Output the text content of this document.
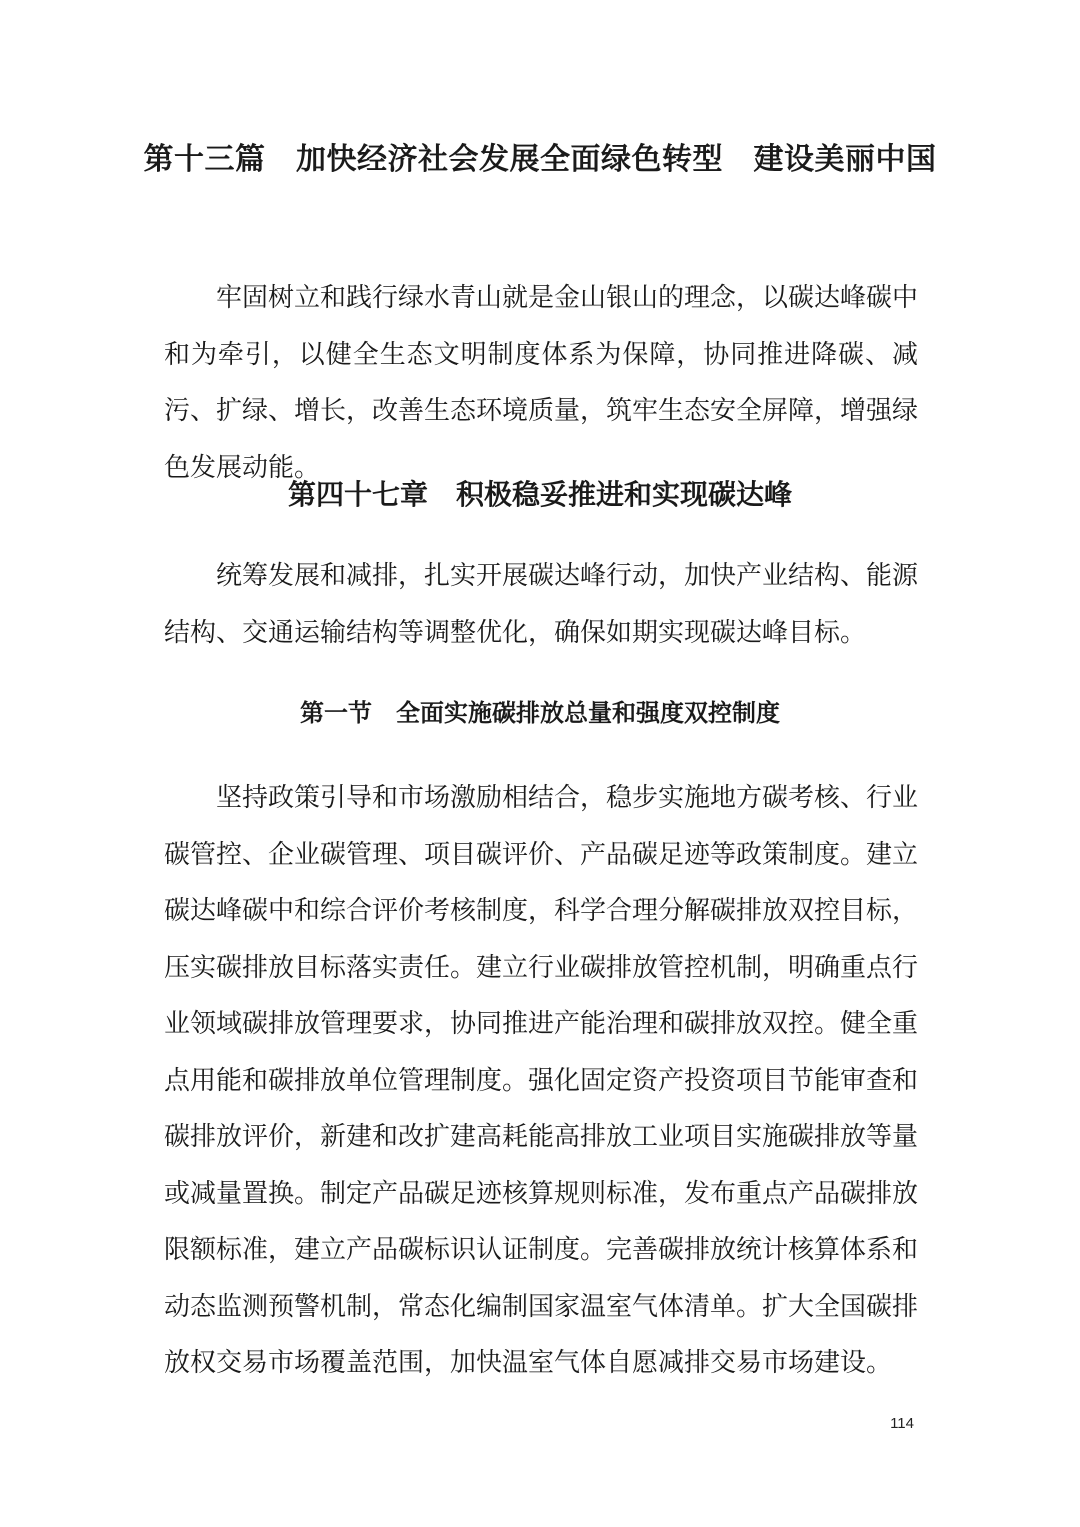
第十三篇　加快经济社会发展全面绿色转型　建设美丽中国

牢固树立和践行绿水青山就是金山银山的理念，以碳达峰碳中和为牵引，以健全生态文明制度体系为保障，协同推进降碳、减污、扩绿、增长，改善生态环境质量，筑牢生态安全屏障，增强绿色发展动能。

第四十七章　积极稳妥推进和实现碳达峰

统筹发展和减排，扎实开展碳达峰行动，加快产业结构、能源结构、交通运输结构等调整优化，确保如期实现碳达峰目标。

第一节　全面实施碳排放总量和强度双控制度

坚持政策引导和市场激励相结合，稳步实施地方碳考核、行业碳管控、企业碳管理、项目碳评价、产品碳足迹等政策制度。建立碳达峰碳中和综合评价考核制度，科学合理分解碳排放双控目标，压实碳排放目标落实责任。建立行业碳排放管控机制，明确重点行业领域碳排放管理要求，协同推进产能治理和碳排放双控。健全重点用能和碳排放单位管理制度。强化固定资产投资项目节能审查和碳排放评价，新建和改扩建高耗能高排放工业项目实施碳排放等量或减量置换。制定产品碳足迹核算规则标准，发布重点产品碳排放限额标准，建立产品碳标识认证制度。完善碳排放统计核算体系和动态监测预警机制，常态化编制国家温室气体清单。扩大全国碳排放权交易市场覆盖范围，加快温室气体自愿减排交易市场建设。

114
